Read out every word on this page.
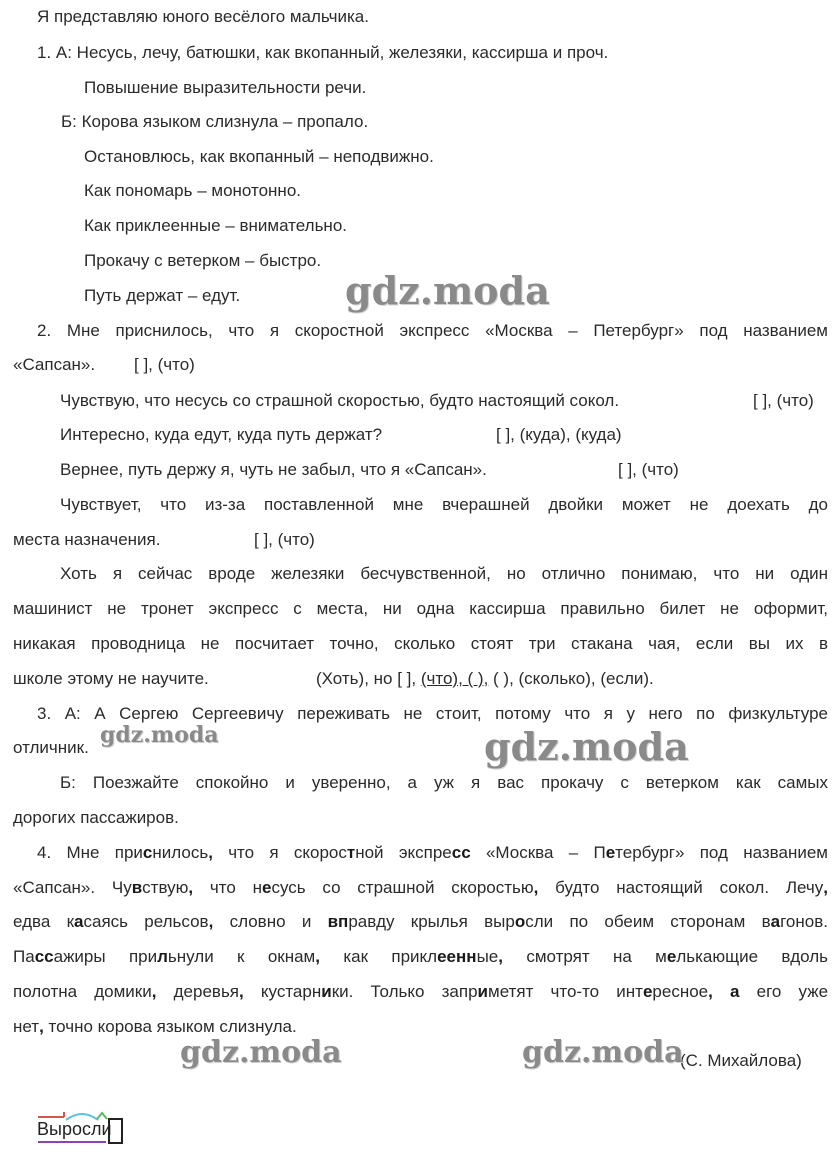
Я представляю юного весёлого мальчика.
1. А: Несусь, лечу, батюшки, как вкопанный, железяки, кассирша и проч.
Повышение выразительности речи.
Б: Корова языком слизнула – пропало.
Остановлюсь, как вкопанный – неподвижно.
Как пономарь – монотонно.
Как приклеенные – внимательно.
Прокачу с ветерком – быстро.
Путь держат – едут.
2. Мне приснилось, что я скоростной экспресс «Москва – Петербург» под названием
«Сапсан». [ ], (что)
Чувствую, что несусь со страшной скоростью, будто настоящий сокол.	[ ], (что)
Интересно, куда едут, куда путь держат?	[ ], (куда), (куда)
Вернее, путь держу я, чуть не забыл, что я «Сапсан».	[ ], (что)
Чувствует, что из-за поставленной мне вчерашней двойки может не доехать до
места назначения.	[ ], (что)
Хоть я сейчас вроде железяки бесчувственной, но отлично понимаю, что ни один
машинист не тронет экспресс с места, ни одна кассирша правильно билет не оформит,
никакая проводница не посчитает точно, сколько стоят три стакана чая, если вы их в
школе этому не научите.	(Хоть), но [ ], (что), ( ), ( ), (сколько), (если).
3. А: А Сергею Сергеевичу переживать не стоит, потому что я у него по физкультуре
отличник.
Б: Поезжайте спокойно и уверенно, а уж я вас прокачу с ветерком как самых
дорогих пассажиров.
4. Мне приснилось, что я скоростной экспресс «Москва – Петербург» под названием
«Сапсан». Чувствую, что несусь со страшной скоростью, будто настоящий сокол. Лечу,
едва касаясь рельсов, словно и вправду крылья выросли по обеим сторонам вагонов.
Пассажиры прильнули к окнам, как приклеенные, смотрят на мелькающие вдоль
полотна домики, деревья, кустарники. Только заприметят что-то интересное, а его уже
нет, точно корова языком слизнула.
(С. Михайлова)
gdz.moda
gdz.moda	gdz.moda
gdz.moda	gdz.moda
Выросли
